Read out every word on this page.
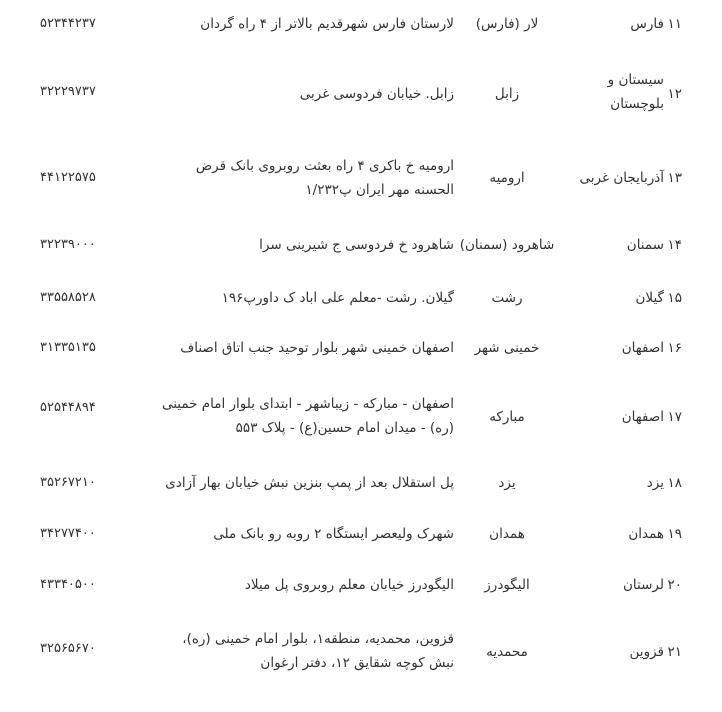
۱۱
فارس
لار (فارس)
لارستان فارس شهرقدیم بالاتر از ۴ راه گردان
۵۲۳۴۴۲۳۷
۱۲
سیستان و بلوچستان
زابل
زابل. خیابان فردوسی غربی
۳۲۲۲۹۷۳۷
۱۳
آذربایجان غربی
ارومیه
ارومیه خ باکری ۴ راه بعثت روبروی بانک قرض الحسنه مهر ایران پ۱/۲۳۲
۴۴۱۲۲۵۷۵
۱۴
سمنان
شاهرود (سمنان)
شاهرود خ فردوسی ج شیرینی سرا
۳۲۲۳۹۰۰۰
۱۵
گیلان
رشت
گیلان. رشت -معلم علی اباد ک داورپ۱۹۶
۳۳۵۵۸۵۲۸
۱۶
اصفهان
خمینی شهر
اصفهان خمینی شهر بلوار توحید جنب اتاق اصناف
۳۱۳۳۵۱۳۵
۱۷
اصفهان
مبارکه
اصفهان - مبارکه - زیباشهر - ابتدای بلوار امام خمینی (ره) - میدان امام حسین(ع) - پلاک ۵۵۳
۵۲۵۴۴۸۹۴
۱۸
یزد
یزد
پل استقلال بعد از پمپ بنزین نبش خیابان بهار آزادی
۳۵۲۶۷۲۱۰
۱۹
همدان
همدان
شهرک ولیعصر ایستگاه ۲ روبه رو بانک ملی
۳۴۲۷۷۴۰۰
۲۰
لرستان
الیگودرز
الیگودرز خیابان معلم روبروی پل میلاد
۴۳۳۴۰۵۰۰
۲۱
قزوین
محمدیه
قزوین، محمدیه، منطقه۱، بلوار امام خمینی (ره)، نبش کوچه شقایق ۱۲، دفتر ارغوان
۳۲۵۶۵۶۷۰
